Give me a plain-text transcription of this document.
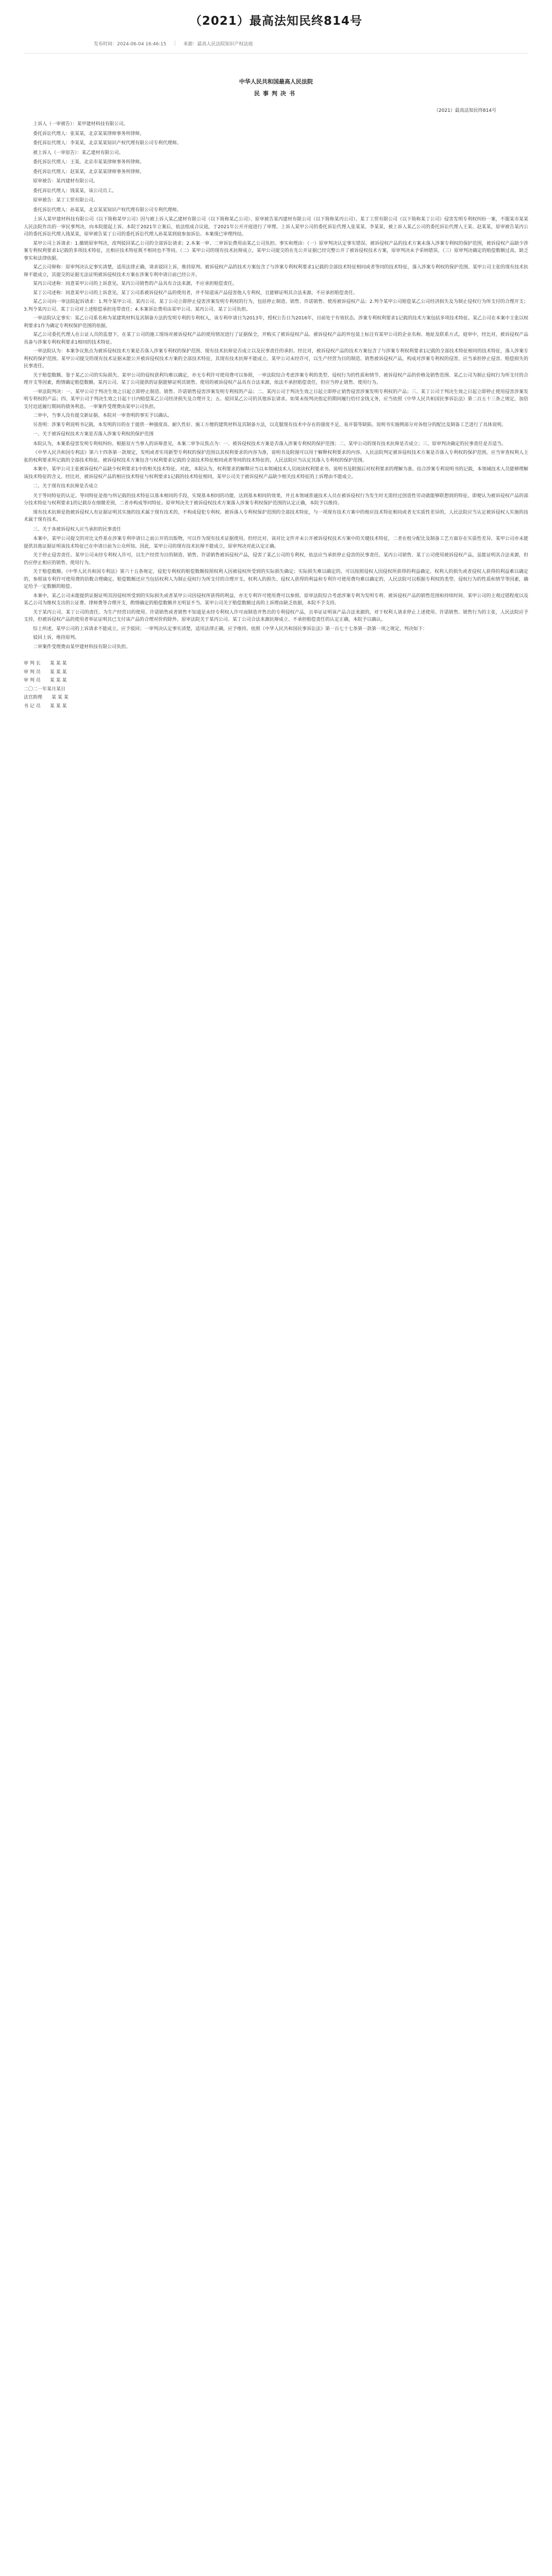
（2021）最高法知民终814号
发布时间：2024-06-04 16:46:15	来源：最高人民法院知识产权法庭

中华人民共和国最高人民法院

民事判决书

（2021）最高法知民终814号

上诉人（一审被告）：某甲建材科技有限公司。

委托诉讼代理人：张某某，北京某某律师事务所律师。

委托诉讼代理人：李某某，北京某某知识产权代理有限公司专利代理师。

被上诉人（一审原告）：某乙建材有限公司。

委托诉讼代理人：王某，北京市某某律师事务所律师。

委托诉讼代理人：赵某某，北京某某律师事务所律师。

原审被告：某丙建材有限公司。

委托诉讼代理人：钱某某，该公司员工。

原审被告：某丁工贸有限公司。

委托诉讼代理人：孙某某，北京某某知识产权代理有限公司专利代理师。

上诉人某甲建材科技有限公司（以下简称某甲公司）因与被上诉人某乙建材有限公司（以下简称某乙公司）、原审被告某丙建材有限公司（以下简称某丙公司）、某丁工贸有限公司（以下简称某丁公司）侵害发明专利权纠纷一案，不服某市某某人民法院作出的一审民事判决，向本院提起上诉。本院于2021年立案后，依法组成合议庭，于2021年公开开庭进行了审理。上诉人某甲公司的委托诉讼代理人张某某、李某某，被上诉人某乙公司的委托诉讼代理人王某、赵某某，原审被告某丙公司的委托诉讼代理人钱某某，原审被告某丁公司的委托诉讼代理人孙某某到庭参加诉讼。本案现已审理终结。

某甲公司上诉请求：1.撤销原审判决，改判驳回某乙公司的全部诉讼请求；2.本案一审、二审诉讼费用由某乙公司负担。事实和理由：（一）原审判决认定事实错误。被诉侵权产品的技术方案未落入涉案专利权的保护范围，被诉侵权产品缺少涉案专利权利要求1记载的多项技术特征，且相应技术特征既不相同也不等同。（二）某甲公司的现有技术抗辩成立。某甲公司提交的在先公开证据已经完整公开了被诉侵权技术方案，原审判决未予采纳错误。（三）原审判决确定的赔偿数额过高，缺乏事实和法律依据。

某乙公司辩称：原审判决认定事实清楚，适用法律正确，请求驳回上诉，维持原判。被诉侵权产品的技术方案包含了与涉案专利权利要求1记载的全部技术特征相同或者等同的技术特征，落入涉案专利权的保护范围。某甲公司主张的现有技术抗辩不能成立，其提交的证据无法证明被诉侵权技术方案在涉案专利申请日前已经公开。

某丙公司述称：同意某甲公司的上诉意见。某丙公司销售的产品具有合法来源，不应承担赔偿责任。

某丁公司述称：同意某甲公司的上诉意见。某丁公司系被诉侵权产品的使用者，并不知道该产品侵害他人专利权，且能够证明其合法来源，不应承担赔偿责任。

某乙公司向一审法院起诉请求：1.判令某甲公司、某丙公司、某丁公司立即停止侵害涉案发明专利权的行为，包括停止制造、销售、许诺销售、使用被诉侵权产品；2.判令某甲公司赔偿某乙公司经济损失及为制止侵权行为所支付的合理开支；3.判令某丙公司、某丁公司对上述赔偿承担连带责任；4.本案诉讼费用由某甲公司、某丙公司、某丁公司负担。

一审法院认定事实：某乙公司系名称为某建筑材料及其制备方法的发明专利的专利权人，该专利申请日为2013年，授权公告日为2016年，目前处于有效状态。涉案专利权利要求1记载的技术方案包括多项技术特征。某乙公司在本案中主张以权利要求1作为确定专利权保护范围的依据。

某乙公司委托代理人在公证人员的监督下，在某丁公司的施工现场对被诉侵权产品的使用情况进行了证据保全，并购买了被诉侵权产品。被诉侵权产品的外包装上标注有某甲公司的企业名称、地址及联系方式。庭审中，经比对，被诉侵权产品具备与涉案专利权利要求1相同的技术特征。

一审法院认为：本案争议焦点为被诉侵权技术方案是否落入涉案专利权的保护范围、现有技术抗辩是否成立以及民事责任的承担。经比对，被诉侵权产品的技术方案包含了与涉案专利权利要求1记载的全部技术特征相同的技术特征，落入涉案专利权的保护范围。某甲公司提交的现有技术证据未能公开被诉侵权技术方案的全部技术特征，其现有技术抗辩不能成立。某甲公司未经许可，以生产经营为目的制造、销售被诉侵权产品，构成对涉案专利权的侵害，应当承担停止侵害、赔偿损失的民事责任。

关于赔偿数额。鉴于某乙公司的实际损失、某甲公司的侵权获利均难以确定，亦无专利许可使用费可以参照，一审法院综合考虑涉案专利的类型、侵权行为的性质和情节、被诉侵权产品的价格及销售范围、某乙公司为制止侵权行为所支付的合理开支等因素，酌情确定赔偿数额。某丙公司、某丁公司提供的证据能够证明其销售、使用的被诉侵权产品具有合法来源，依法不承担赔偿责任，但应当停止销售、使用行为。

一审法院判决：一、某甲公司于判决生效之日起立即停止制造、销售、许诺销售侵害涉案发明专利权的产品；二、某丙公司于判决生效之日起立即停止销售侵害涉案发明专利权的产品；三、某丁公司于判决生效之日起立即停止使用侵害涉案发明专利权的产品；四、某甲公司于判决生效之日起十日内赔偿某乙公司经济损失及合理开支；五、驳回某乙公司的其他诉讼请求。如果未按判决指定的期间履行给付金钱义务，应当依照《中华人民共和国民事诉讼法》第二百五十三条之规定，加倍支付迟延履行期间的债务利息。一审案件受理费由某甲公司负担。

二审中，当事人没有提交新证据。本院对一审查明的事实予以确认。

另查明：涉案专利说明书记载，本发明的目的在于提供一种强度高、耐久性好、施工方便的建筑材料及其制备方法，以克服现有技术中存在的强度不足、易开裂等缺陷。说明书实施例部分对各组分的配比及制备工艺进行了具体说明。

一、关于被诉侵权技术方案是否落入涉案专利权的保护范围

本院认为，本案系侵害发明专利权纠纷。根据双方当事人的诉辩意见，本案二审争议焦点为：一、被诉侵权技术方案是否落入涉案专利权的保护范围；二、某甲公司的现有技术抗辩是否成立；三、原审判决确定的民事责任是否适当。

《中华人民共和国专利法》第六十四条第一款规定，发明或者实用新型专利权的保护范围以其权利要求的内容为准，说明书及附图可以用于解释权利要求的内容。人民法院判定被诉侵权技术方案是否落入专利权的保护范围，应当审查权利人主张的权利要求所记载的全部技术特征。被诉侵权技术方案包含与权利要求记载的全部技术特征相同或者等同的技术特征的，人民法院应当认定其落入专利权的保护范围。

本案中，某甲公司主张被诉侵权产品缺少权利要求1中的相关技术特征。对此，本院认为，权利要求的解释应当以本领域技术人员阅读权利要求书、说明书及附图后对权利要求的理解为准。结合涉案专利说明书的记载，本领域技术人员能够理解该技术特征的含义。经比对，被诉侵权产品的相应技术特征与权利要求1记载的技术特征相同，某甲公司关于被诉侵权产品缺少相关技术特征的上诉理由不能成立。

二、关于现有技术抗辩是否成立

关于等同特征的认定。等同特征是指与所记载的技术特征以基本相同的手段，实现基本相同的功能，达到基本相同的效果，并且本领域普通技术人员在被诉侵权行为发生时无需经过创造性劳动就能够联想到的特征。即便认为被诉侵权产品的部分技术特征与权利要求1的记载存在细微差别，二者亦构成等同特征。原审判决关于被诉侵权技术方案落入涉案专利权保护范围的认定正确，本院予以维持。

现有技术抗辩是指被诉侵权人有证据证明其实施的技术属于现有技术的，不构成侵犯专利权。被诉落入专利权保护范围的全部技术特征，与一项现有技术方案中的相应技术特征相同或者无实质性差异的，人民法院应当认定被诉侵权人实施的技术属于现有技术。

三、关于各被诉侵权人应当承担的民事责任

本案中，某甲公司提交的对比文件系在涉案专利申请日之前公开的出版物，可以作为现有技术证据使用。但经比对，该对比文件并未公开被诉侵权技术方案中的关键技术特征，二者在组分配比及制备工艺方面存在实质性差异。某甲公司亦未能提供其他证据证明该技术特征已在申请日前为公众所知。因此，某甲公司的现有技术抗辩不能成立，原审判决对此认定正确。

关于停止侵害责任。某甲公司未经专利权人许可，以生产经营为目的制造、销售、许诺销售被诉侵权产品，侵害了某乙公司的专利权，依法应当承担停止侵害的民事责任。某丙公司销售、某丁公司使用被诉侵权产品，虽能证明其合法来源，但仍应停止相应的销售、使用行为。

关于赔偿数额。《中华人民共和国专利法》第六十五条规定，侵犯专利权的赔偿数额按照权利人因被侵权所受到的实际损失确定；实际损失难以确定的，可以按照侵权人因侵权所获得的利益确定。权利人的损失或者侵权人获得的利益难以确定的，参照该专利许可使用费的倍数合理确定。赔偿数额还应当包括权利人为制止侵权行为所支付的合理开支。权利人的损失、侵权人获得的利益和专利许可使用费均难以确定的，人民法院可以根据专利权的类型、侵权行为的性质和情节等因素，确定给予一定数额的赔偿。

本案中，某乙公司未能提供证据证明其因侵权所受到的实际损失或者某甲公司因侵权所获得的利益，亦无专利许可使用费可以参照。原审法院综合考虑涉案专利为发明专利、被诉侵权产品的销售范围和持续时间、某甲公司的主观过错程度以及某乙公司为维权支出的公证费、律师费等合理开支，酌情确定的赔偿数额并无明显不当。某甲公司关于赔偿数额过高的上诉理由缺乏依据，本院不予支持。

关于某丙公司、某丁公司的责任。为生产经营目的使用、许诺销售或者销售不知道是未经专利权人许可而制造并售出的专利侵权产品，且举证证明该产品合法来源的，对于权利人请求停止上述使用、许诺销售、销售行为的主张，人民法院应予支持，但被诉侵权产品的使用者举证证明其已支付该产品的合理对价的除外。原审法院关于某丙公司、某丁公司合法来源抗辩成立、不承担赔偿责任的认定正确，本院予以确认。

综上所述，某甲公司的上诉请求不能成立，应予驳回；一审判决认定事实清楚，适用法律正确，应予维持。依照《中华人民共和国民事诉讼法》第一百七十七条第一款第一项之规定，判决如下：

驳回上诉，维持原判。

二审案件受理费由某甲建材科技有限公司负担。

审 判 长　　某 某 某

审 判 员　　某 某 某

审 判 员　　某 某 某

二〇二一年某月某日

法官助理　　某 某 某

书 记 员　　某 某 某
